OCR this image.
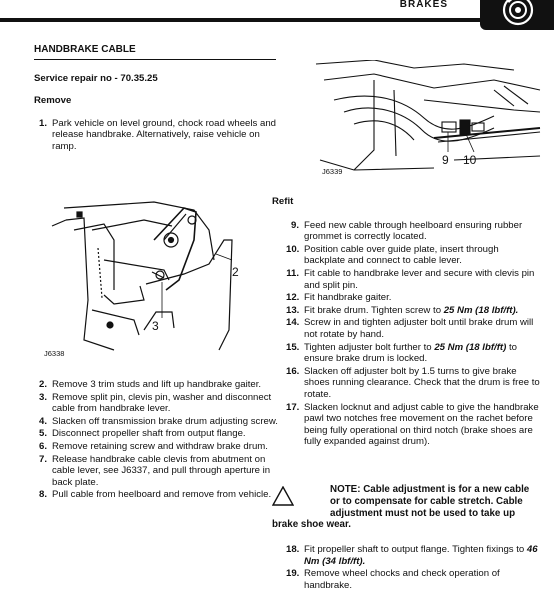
BRAKES
HANDBRAKE CABLE
Service repair no - 70.35.25
Remove
1. Park vehicle on level ground, chock road wheels and release handbrake. Alternatively, raise vehicle on ramp.
2
3
J6338
2. Remove 3 trim studs and lift up handbrake gaiter.
3. Remove split pin, clevis pin, washer and disconnect cable from handbrake lever.
4. Slacken off transmission brake drum adjusting screw.
5. Disconnect propeller shaft from output flange.
6. Remove retaining screw and withdraw brake drum.
7. Release handbrake cable clevis from abutment on cable lever, see J6337, and pull through aperture in back plate.
8. Pull cable from heelboard and remove from vehicle.
9 10
J6339
Refit
9. Feed new cable through heelboard ensuring rubber grommet is correctly located.
10. Position cable over guide plate, insert through backplate and connect to cable lever.
11. Fit cable to handbrake lever and secure with clevis pin and split pin.
12. Fit handbrake gaiter.
13. Fit brake drum. Tighten screw to 25 Nm (18 lbf/ft).
14. Screw in and tighten adjuster bolt until brake drum will not rotate by hand.
15. Tighten adjuster bolt further to 25 Nm (18 lbf/ft) to ensure brake drum is locked.
16. Slacken off adjuster bolt by 1.5 turns to give brake shoes running clearance. Check that the drum is free to rotate.
17. Slacken locknut and adjust cable to give the handbrake pawl two notches free movement on the rachet before being fully operational on third notch (brake shoes are fully expanded against drum).
NOTE: Cable adjustment is for a new cable
or to compensate for cable stretch. Cable
adjustment must not be used to take up
brake shoe wear.
18. Fit propeller shaft to output flange. Tighten fixings to 46 Nm (34 lbf/ft).
19. Remove wheel chocks and check operation of handbrake.
